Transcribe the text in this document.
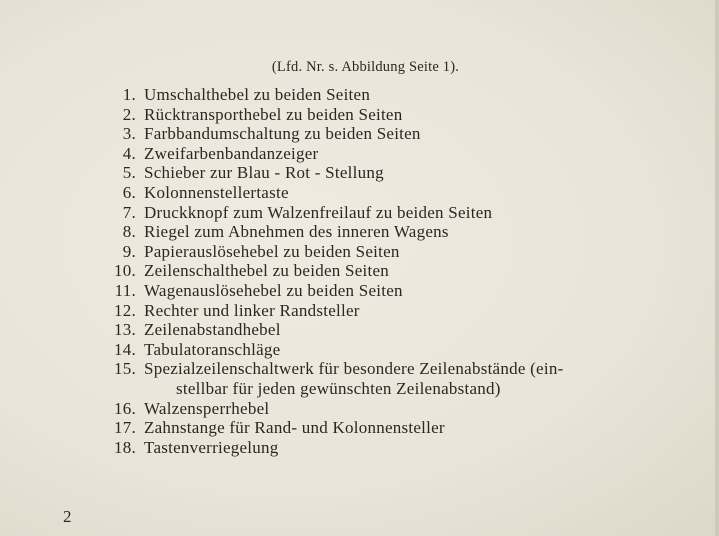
(Lfd. Nr. s. Abbildung Seite 1).
1. Umschalthebel zu beiden Seiten
2. Rücktransporthebel zu beiden Seiten
3. Farbbandumschaltung zu beiden Seiten
4. Zweifarbenbandanzeiger
5. Schieber zur Blau - Rot - Stellung
6. Kolonnenstellertaste
7. Druckknopf zum Walzenfreilauf zu beiden Seiten
8. Riegel zum Abnehmen des inneren Wagens
9. Papierauslösehebel zu beiden Seiten
10. Zeilenschalthebel zu beiden Seiten
11. Wagenauslösehebel zu beiden Seiten
12. Rechter und linker Randsteller
13. Zeilenabstandhebel
14. Tabulatoranschläge
15. Spezialzeilenschaltwerk für besondere Zeilenabstände (ein-
stellbar für jeden gewünschten Zeilenabstand)
16. Walzensperrhebel
17. Zahnstange für Rand- und Kolonnensteller
18. Tastenverriegelung
2
